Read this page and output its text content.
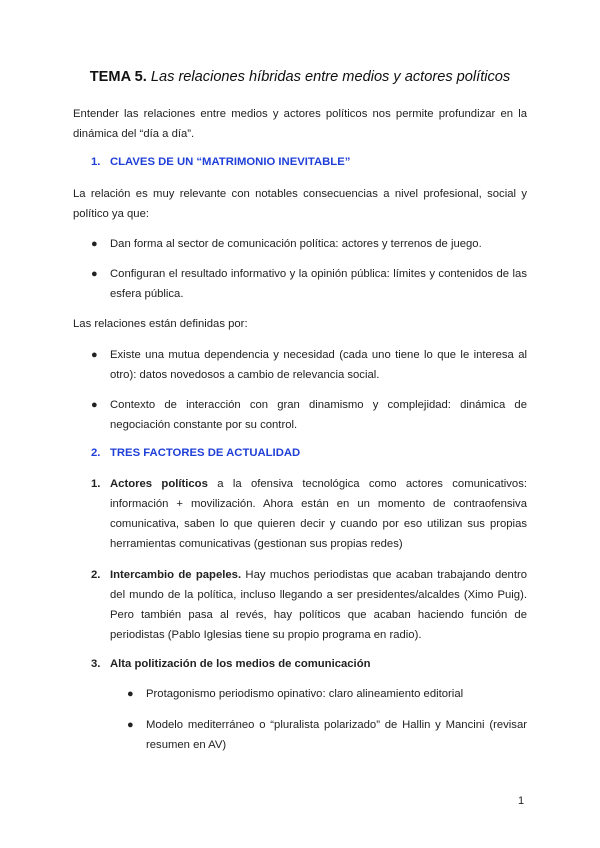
TEMA 5. Las relaciones híbridas entre medios y actores políticos
Entender las relaciones entre medios y actores políticos nos permite profundizar en la dinámica del “día a día”.
1. CLAVES DE UN “MATRIMONIO INEVITABLE”
La relación es muy relevante con notables consecuencias a nivel profesional, social y político ya que:
● Dan forma al sector de comunicación política: actores y terrenos de juego.
● Configuran el resultado informativo y la opinión pública: límites y contenidos de las esfera pública.
Las relaciones están definidas por:
● Existe una mutua dependencia y necesidad (cada uno tiene lo que le interesa al otro): datos novedosos a cambio de relevancia social.
● Contexto de interacción con gran dinamismo y complejidad: dinámica de negociación constante por su control.
2. TRES FACTORES DE ACTUALIDAD
1. Actores políticos a la ofensiva tecnológica como actores comunicativos: información + movilización. Ahora están en un momento de contraofensiva comunicativa, saben lo que quieren decir y cuando por eso utilizan sus propias herramientas comunicativas (gestionan sus propias redes)
2. Intercambio de papeles. Hay muchos periodistas que acaban trabajando dentro del mundo de la política, incluso llegando a ser presidentes/alcaldes (Ximo Puig). Pero también pasa al revés, hay políticos que acaban haciendo función de periodistas (Pablo Iglesias tiene su propio programa en radio).
3. Alta politización de los medios de comunicación
● Protagonismo periodismo opinativo: claro alineamiento editorial
● Modelo mediterráneo o “pluralista polarizado” de Hallin y Mancini (revisar resumen en AV)
1
